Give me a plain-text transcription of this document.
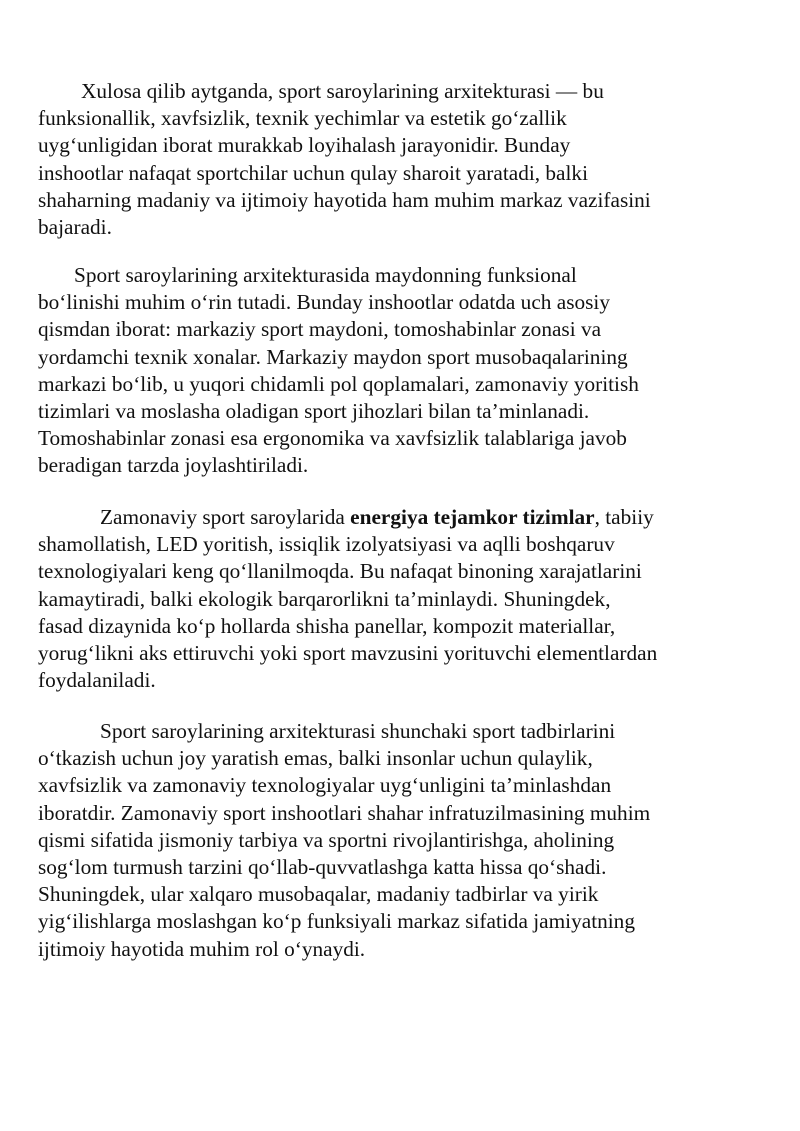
Xulosa qilib aytganda, sport saroylarining arxitekturasi — bu
funksionallik, xavfsizlik, texnik yechimlar va estetik go‘zallik
uyg‘unligidan iborat murakkab loyihalash jarayonidir. Bunday
inshootlar nafaqat sportchilar uchun qulay sharoit yaratadi, balki
shaharning madaniy va ijtimoiy hayotida ham muhim markaz vazifasini
bajaradi.

Sport saroylarining arxitekturasida maydonning funksional
bo‘linishi muhim o‘rin tutadi. Bunday inshootlar odatda uch asosiy
qismdan iborat: markaziy sport maydoni, tomoshabinlar zonasi va
yordamchi texnik xonalar. Markaziy maydon sport musobaqalarining
markazi bo‘lib, u yuqori chidamli pol qoplamalari, zamonaviy yoritish
tizimlari va moslasha oladigan sport jihozlari bilan ta’minlanadi.
Tomoshabinlar zonasi esa ergonomika va xavfsizlik talablariga javob
beradigan tarzda joylashtiriladi.

Zamonaviy sport saroylarida energiya tejamkor tizimlar, tabiiy
shamollatish, LED yoritish, issiqlik izolyatsiyasi va aqlli boshqaruv
texnologiyalari keng qo‘llanilmoqda. Bu nafaqat binoning xarajatlarini
kamaytiradi, balki ekologik barqarorlikni ta’minlaydi. Shuningdek,
fasad dizaynida ko‘p hollarda shisha panellar, kompozit materiallar,
yorug‘likni aks ettiruvchi yoki sport mavzusini yorituvchi elementlardan
foydalaniladi.

Sport saroylarining arxitekturasi shunchaki sport tadbirlarini
o‘tkazish uchun joy yaratish emas, balki insonlar uchun qulaylik,
xavfsizlik va zamonaviy texnologiyalar uyg‘unligini ta’minlashdan
iboratdir. Zamonaviy sport inshootlari shahar infratuzilmasining muhim
qismi sifatida jismoniy tarbiya va sportni rivojlantirishga, aholining
sog‘lom turmush tarzini qo‘llab-quvvatlashga katta hissa qo‘shadi.
Shuningdek, ular xalqaro musobaqalar, madaniy tadbirlar va yirik
yig‘ilishlarga moslashgan ko‘p funksiyali markaz sifatida jamiyatning
ijtimoiy hayotida muhim rol o‘ynaydi.
